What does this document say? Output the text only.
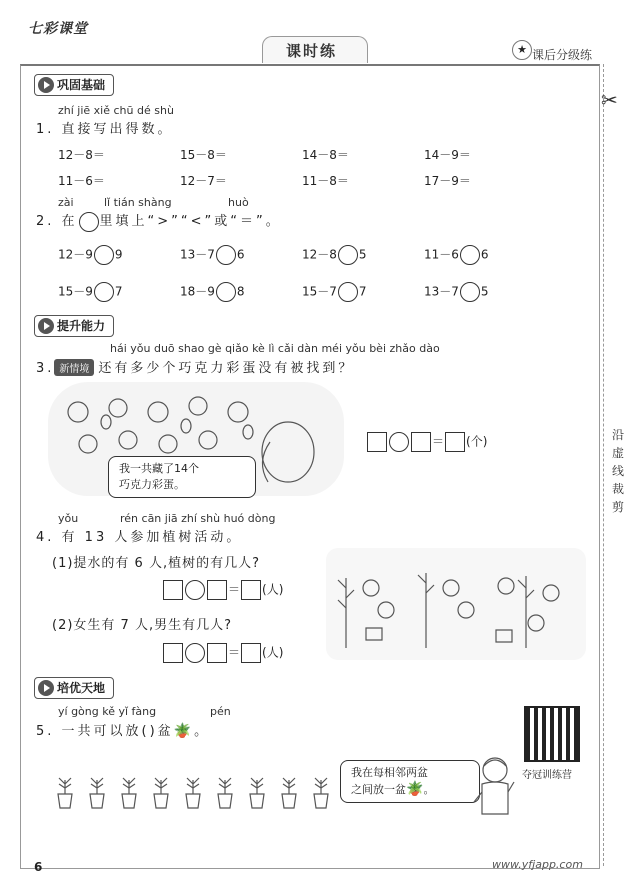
七彩课堂
课时练	★ 课后分级练
✂
沿虚线裁剪
巩固基础
zhí jiē xiě chū dé shù
1. 直接写出得数。
12－8＝	15－8＝	14－8＝	14－9＝
11－6＝	12－7＝	11－8＝	17－9＝
zài	lǐ tián shàng	huò
2. 在 里填上“>”“<”或“＝”。
12－9 9	13－7 6	12－8 5	11－6 6
15－9 7	18－9 8	15－7 7	13－7 5
提升能力
hái yǒu duō shao gè qiǎo kè lì cǎi dàn méi yǒu bèi zhǎo dào
3. 新情境 还有多少个巧克力彩蛋没有被找到？
我一共藏了14个
巧克力彩蛋。
＝ (个)
yǒu	rén cān jiā zhí shù huó dòng
4. 有 13 人参加植树活动。
(1)提水的有 6 人,植树的有几人?
＝ (人)
(2)女生有 7 人,男生有几人?
＝ (人)
培优天地
yí gòng kě yǐ fàng	pén
5. 一共可以放()盆🪴。
夺冠训练营
我在每相邻两盆
之间放一盆🪴。
6	www.yfjapp.com
